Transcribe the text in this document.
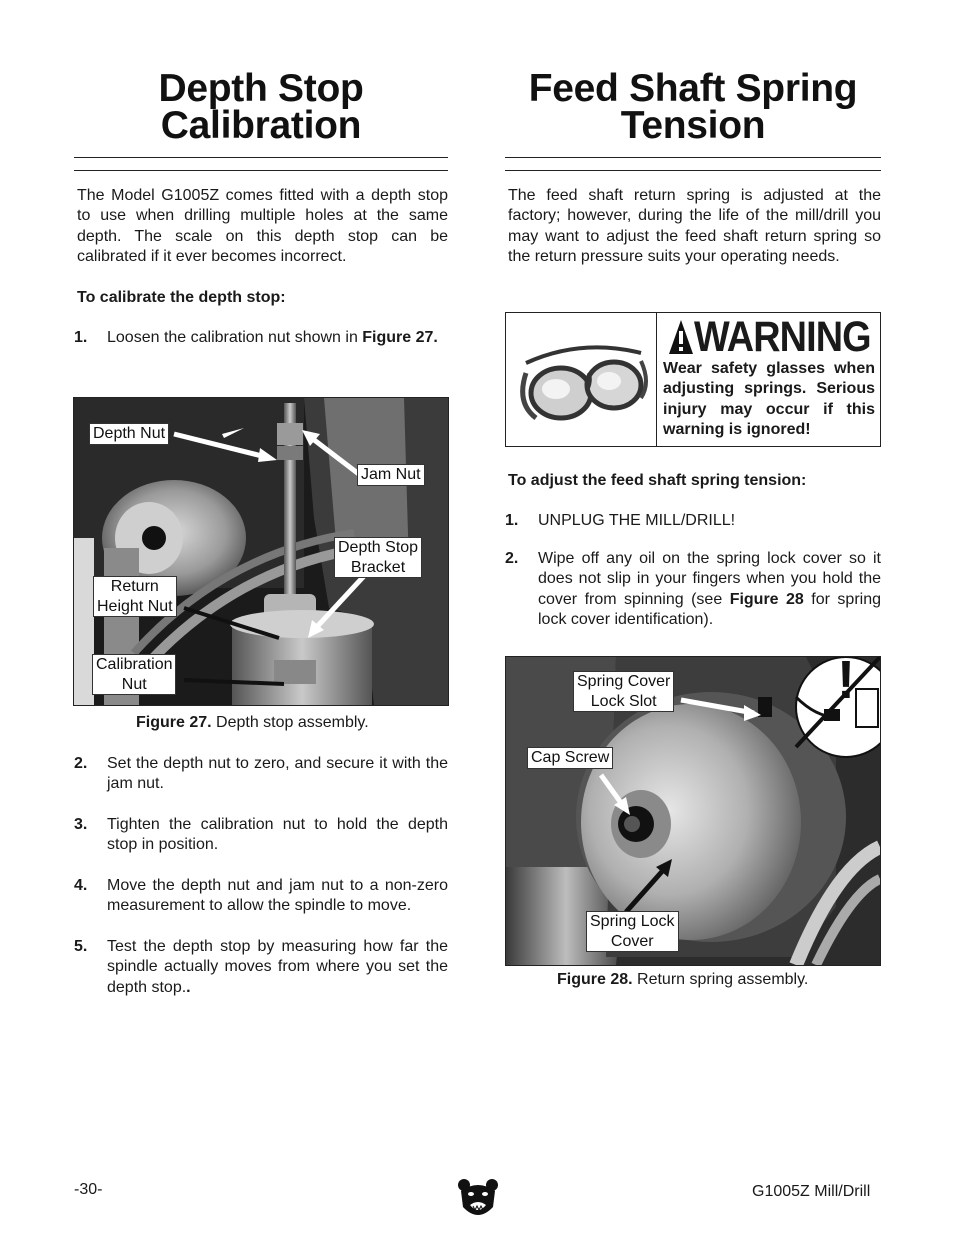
Depth Stop
Calibration
The Model G1005Z comes fitted with a depth stop to use when drilling multiple holes at the same depth. The scale on this depth stop can be calibrated if it ever becomes incorrect.
To calibrate the depth stop:
1. Loosen the calibration nut shown in Figure 27.
Depth Nut
Jam Nut
Depth Stop
Bracket
Return
Height Nut
Calibration
Nut
Figure 27. Depth stop assembly.
2. Set the depth nut to zero, and secure it with the jam nut.
3. Tighten the calibration nut to hold the depth stop in position.
4. Move the depth nut and jam nut to a non-zero measurement to allow the spindle to move.
5. Test the depth stop by measuring how far the spindle actually moves from where you set the depth stop..
Feed Shaft Spring
Tension
The feed shaft return spring is adjusted at the factory; however, during the life of the mill/drill you may want to adjust the feed shaft return spring so the return pressure suits your operating needs.
WARNING
Wear safety glasses when adjusting springs. Serious injury may occur if this warning is ignored!
To adjust the feed shaft spring tension:
1. UNPLUG THE MILL/DRILL!
2. Wipe off any oil on the spring lock cover so it does not slip in your fingers when you hold the cover from spinning (see Figure 28 for spring lock cover identification).
!
Spring Cover
Lock Slot
Cap Screw
Spring Lock
Cover
Figure 28. Return spring assembly.
-30-	G1005Z Mill/Drill
